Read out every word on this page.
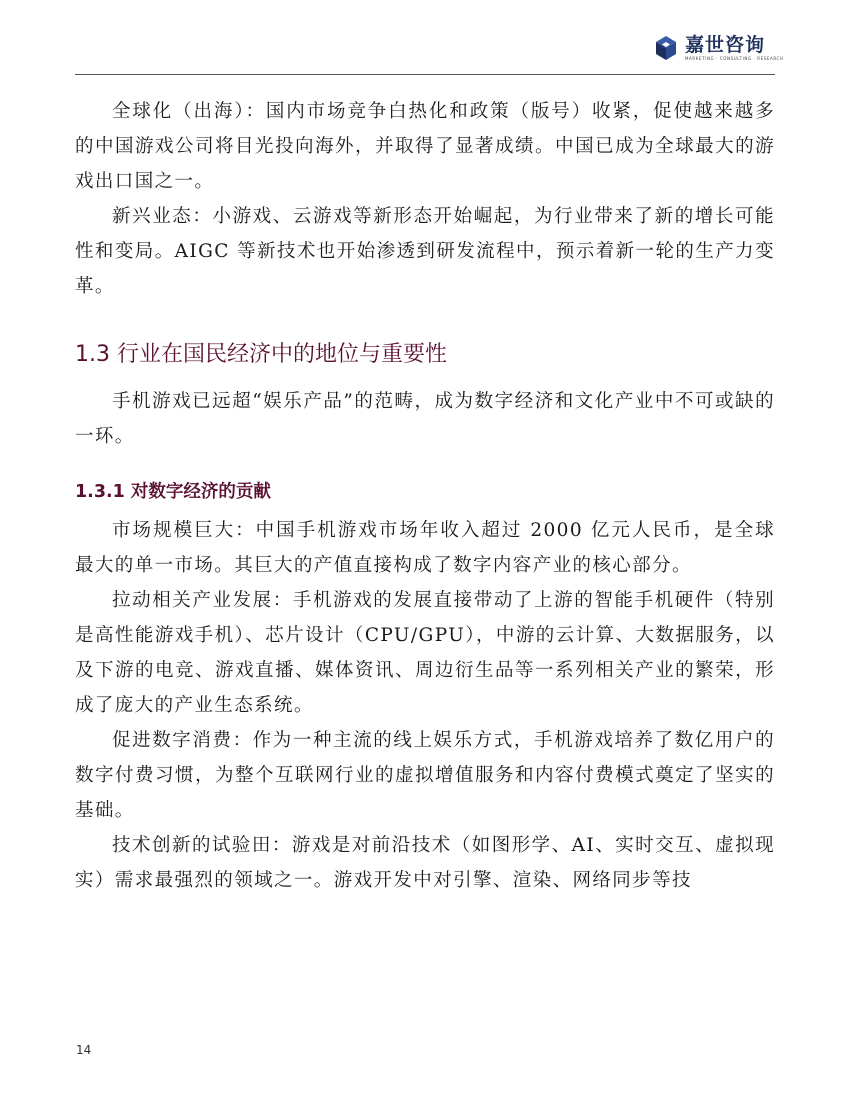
嘉世咨询
MARKETING · CONSULTING · RESEARCH

全球化（出海）：国内市场竞争白热化和政策（版号）收紧，促使越来越多的中国游戏公司将目光投向海外，并取得了显著成绩。中国已成为全球最大的游戏出口国之一。

新兴业态：小游戏、云游戏等新形态开始崛起，为行业带来了新的增长可能性和变局。AIGC 等新技术也开始渗透到研发流程中，预示着新一轮的生产力变革。

1.3 行业在国民经济中的地位与重要性

手机游戏已远超“娱乐产品”的范畴，成为数字经济和文化产业中不可或缺的一环。

1.3.1 对数字经济的贡献

市场规模巨大：中国手机游戏市场年收入超过 2000 亿元人民币，是全球最大的单一市场。其巨大的产值直接构成了数字内容产业的核心部分。

拉动相关产业发展：手机游戏的发展直接带动了上游的智能手机硬件（特别是高性能游戏手机）、芯片设计（CPU/GPU），中游的云计算、大数据服务，以及下游的电竞、游戏直播、媒体资讯、周边衍生品等一系列相关产业的繁荣，形成了庞大的产业生态系统。

促进数字消费：作为一种主流的线上娱乐方式，手机游戏培养了数亿用户的数字付费习惯，为整个互联网行业的虚拟增值服务和内容付费模式奠定了坚实的基础。

技术创新的试验田：游戏是对前沿技术（如图形学、AI、实时交互、虚拟现实）需求最强烈的领域之一。游戏开发中对引擎、渲染、网络同步等技

14
